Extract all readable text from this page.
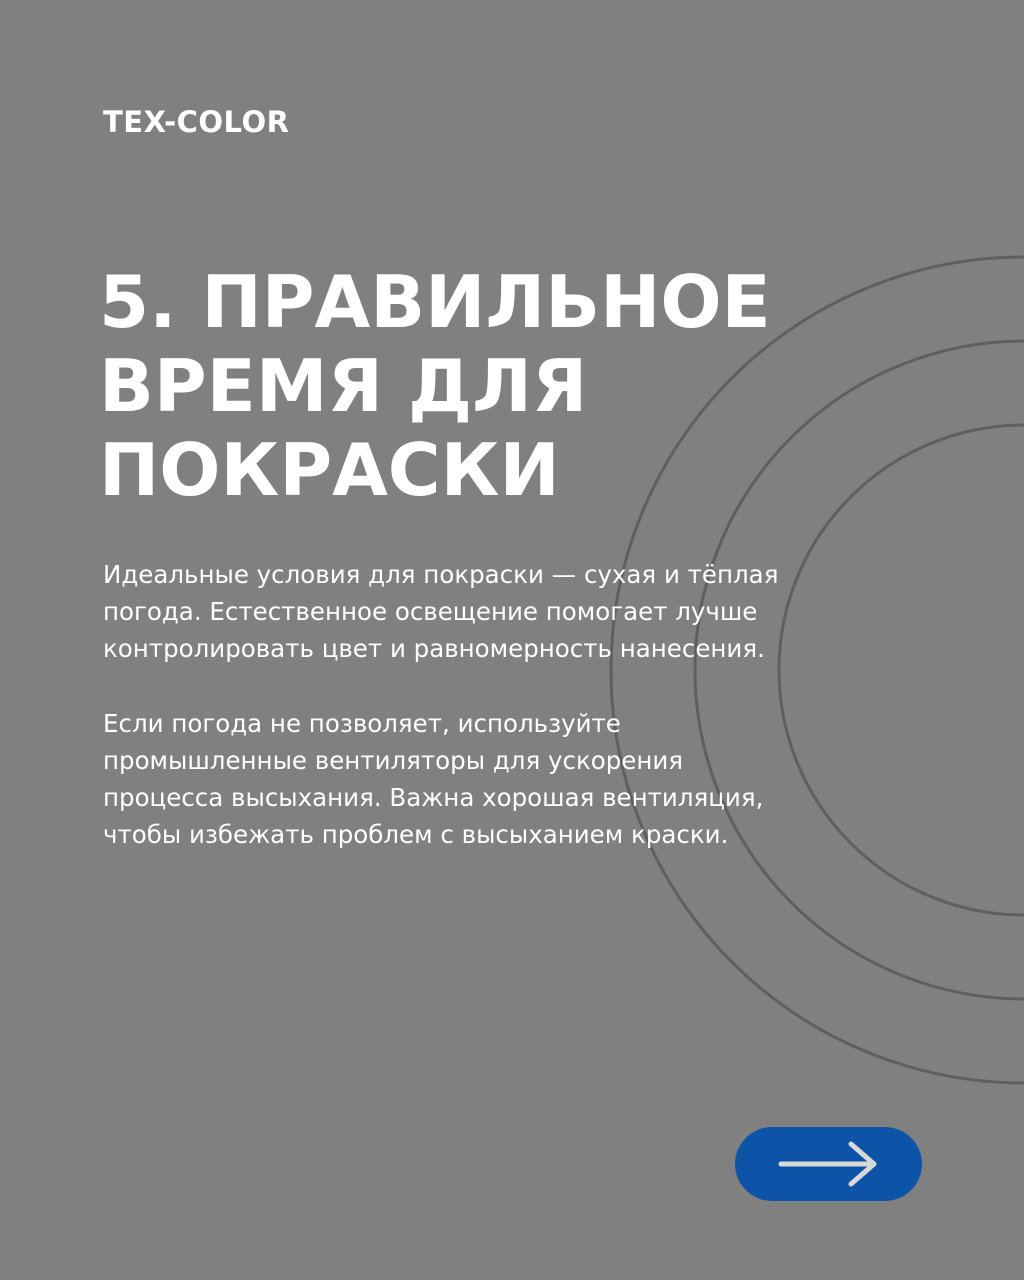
TEX-COLOR

5. ПРАВИЛЬНОЕ
ВРЕМЯ ДЛЯ
ПОКРАСКИ

Идеальные условия для покраски — сухая и тёплая
погода. Естественное освещение помогает лучше
контролировать цвет и равномерность нанесения.

Если погода не позволяет, используйте
промышленные вентиляторы для ускорения
процесса высыхания. Важна хорошая вентиляция,
чтобы избежать проблем с высыханием краски.
